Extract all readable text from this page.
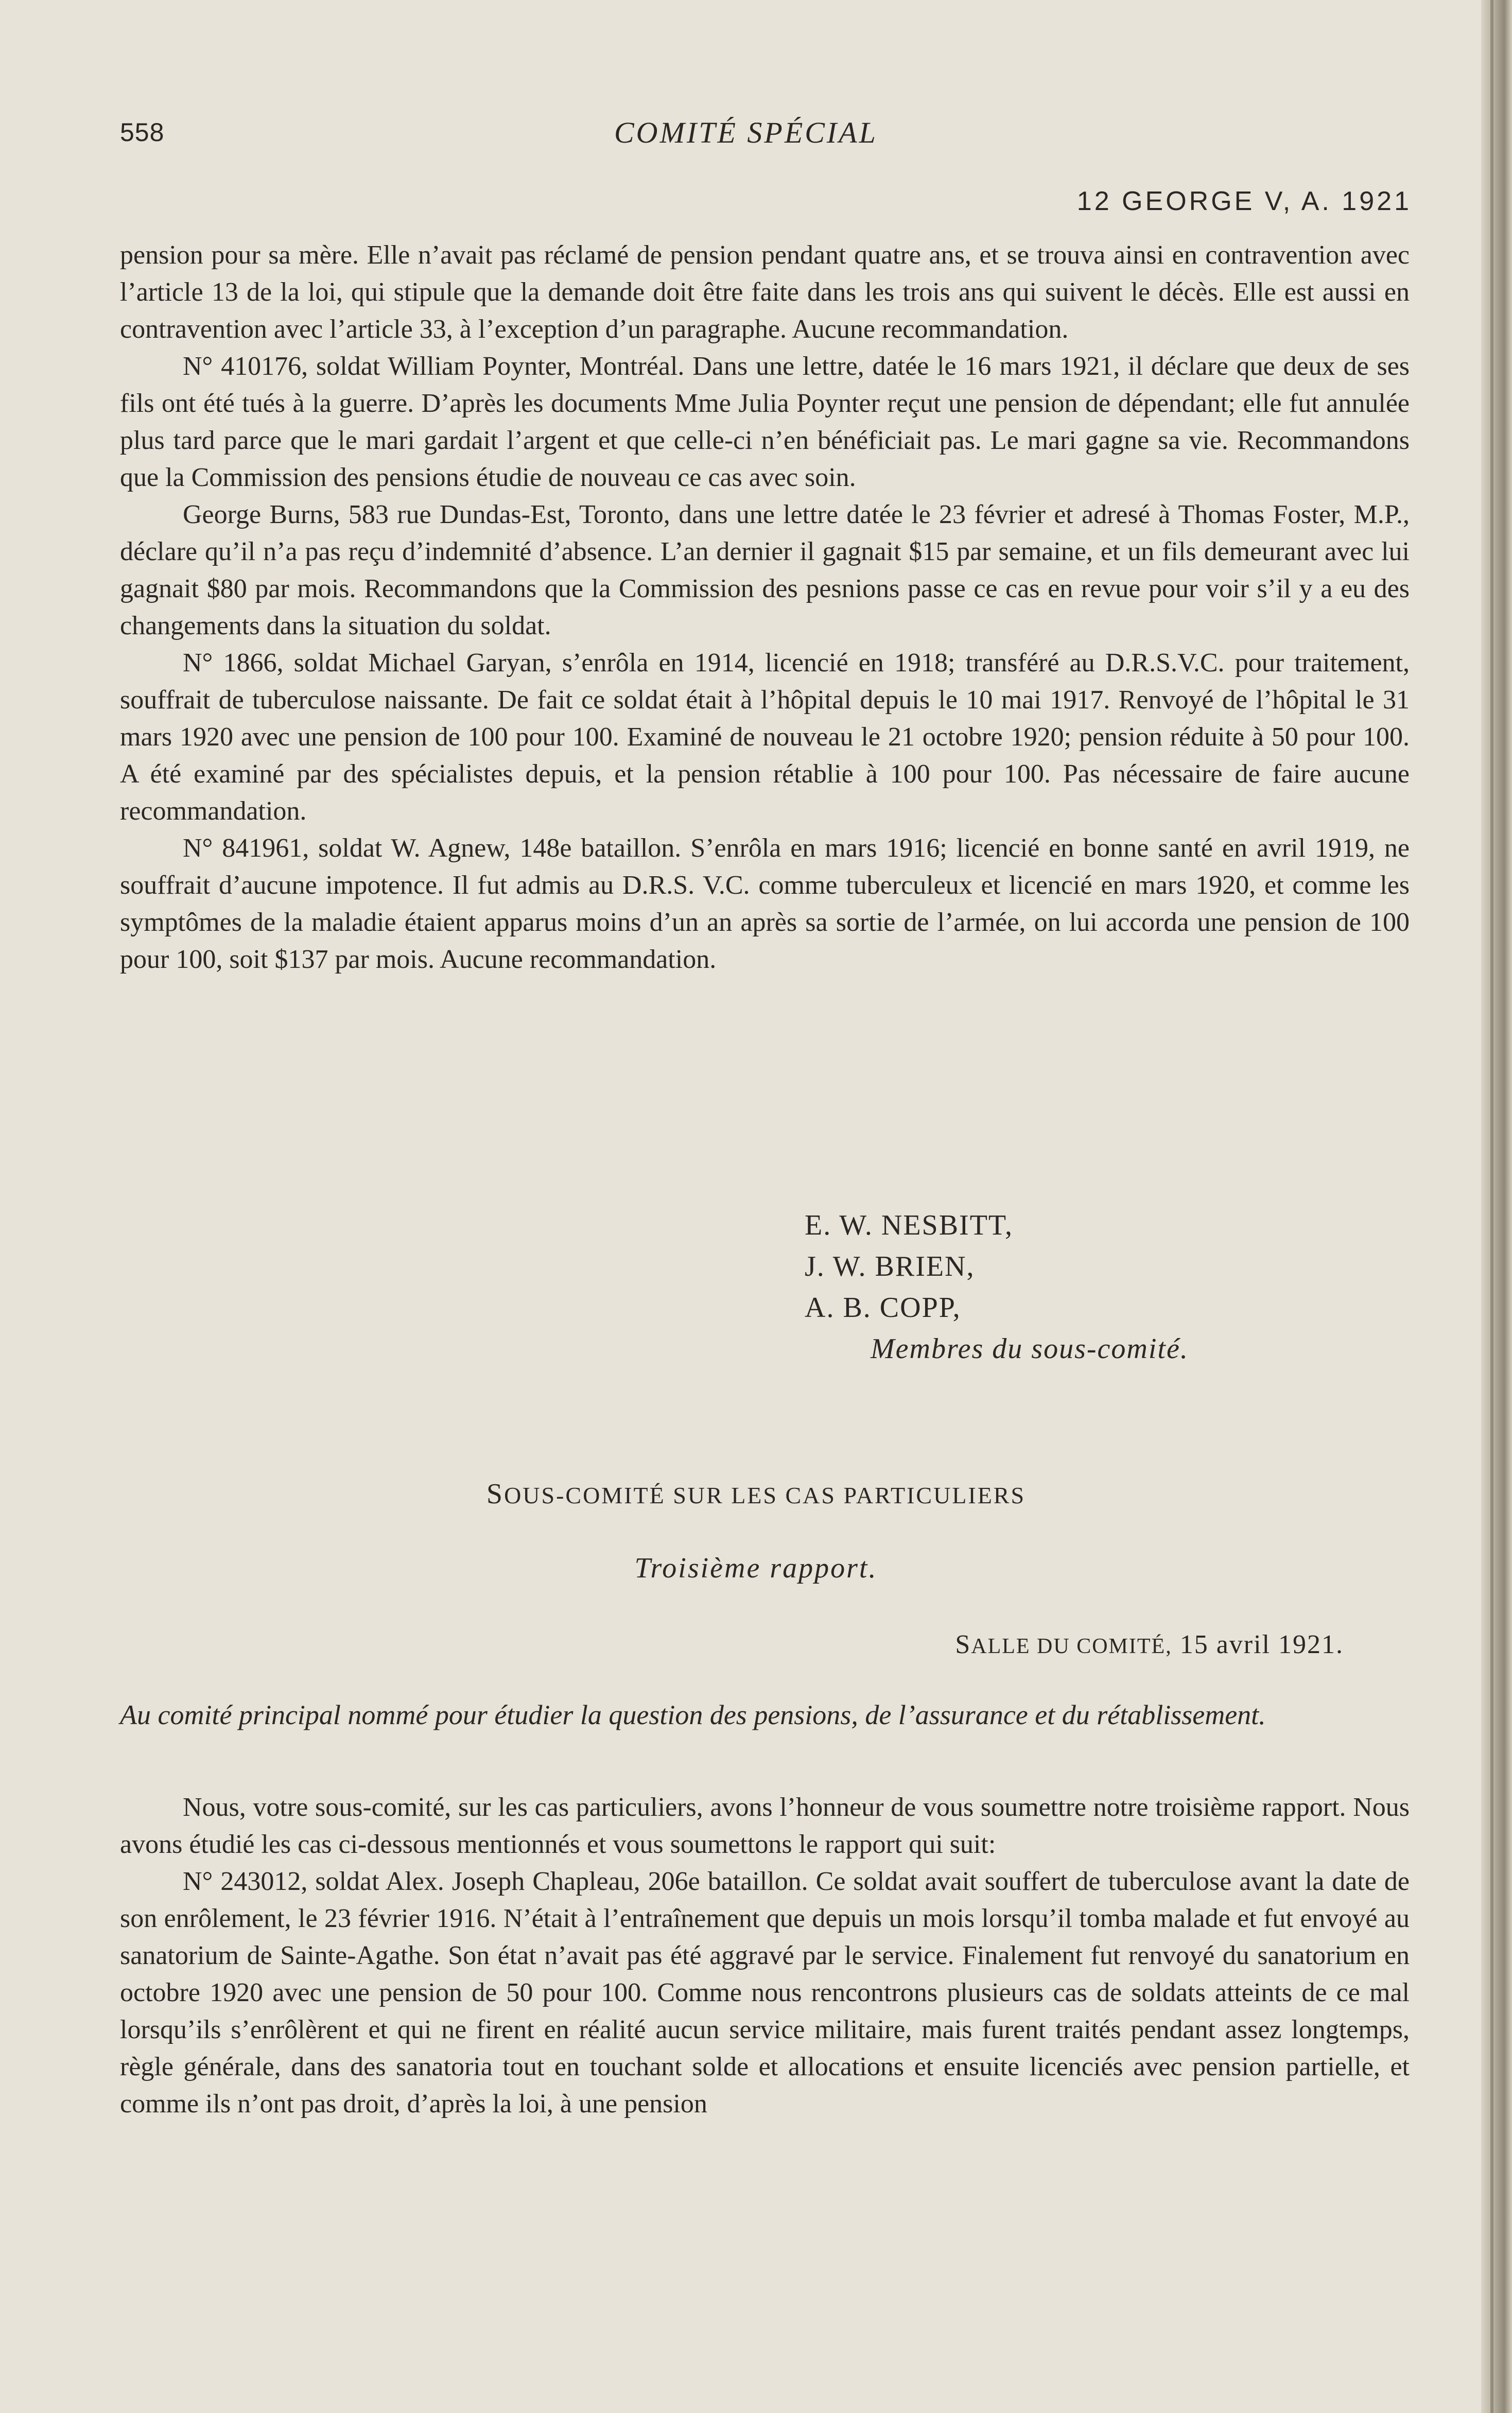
558	COMITÉ SPÉCIAL
12 GEORGE V, A. 1921

pension pour sa mère. Elle n’avait pas réclamé de pension pendant quatre ans, et se trouva ainsi en contravention avec l’article 13 de la loi, qui stipule que la demande doit être faite dans les trois ans qui suivent le décès. Elle est aussi en contravention avec l’article 33, à l’exception d’un paragraphe. Aucune recommandation.

N° 410176, soldat William Poynter, Montréal. Dans une lettre, datée le 16 mars 1921, il déclare que deux de ses fils ont été tués à la guerre. D’après les documents Mme Julia Poynter reçut une pension de dépendant; elle fut annulée plus tard parce que le mari gardait l’argent et que celle-ci n’en bénéficiait pas. Le mari gagne sa vie. Recommandons que la Commission des pensions étudie de nouveau ce cas avec soin.

George Burns, 583 rue Dundas-Est, Toronto, dans une lettre datée le 23 février et adresé à Thomas Foster, M.P., déclare qu’il n’a pas reçu d’indemnité d’absence. L’an dernier il gagnait $15 par semaine, et un fils demeurant avec lui gagnait $80 par mois. Recommandons que la Commission des pesnions passe ce cas en revue pour voir s’il y a eu des changements dans la situation du soldat.

N° 1866, soldat Michael Garyan, s’enrôla en 1914, licencié en 1918; transféré au D.R.S.V.C. pour traitement, souffrait de tuberculose naissante. De fait ce soldat était à l’hôpital depuis le 10 mai 1917. Renvoyé de l’hôpital le 31 mars 1920 avec une pension de 100 pour 100. Examiné de nouveau le 21 octobre 1920; pension réduite à 50 pour 100. A été examiné par des spécialistes depuis, et la pension rétablie à 100 pour 100. Pas nécessaire de faire aucune recommandation.

N° 841961, soldat W. Agnew, 148e bataillon. S’enrôla en mars 1916; licencié en bonne santé en avril 1919, ne souffrait d’aucune impotence. Il fut admis au D.R.S. V.C. comme tuberculeux et licencié en mars 1920, et comme les symptômes de la maladie étaient apparus moins d’un an après sa sortie de l’armée, on lui accorda une pension de 100 pour 100, soit $137 par mois. Aucune recommandation.

E. W. NESBITT,
J. W. BRIEN,
A. B. COPP,
Membres du sous-comité.
SOUS-COMITÉ SUR LES CAS PARTICULIERS
Troisième rapport.
SALLE DU COMITÉ, 15 avril 1921.
Au comité principal nommé pour étudier la question des pensions, de l’assurance et du rétablissement.

Nous, votre sous-comité, sur les cas particuliers, avons l’honneur de vous soumettre notre troisième rapport. Nous avons étudié les cas ci-dessous mentionnés et vous soumettons le rapport qui suit:

N° 243012, soldat Alex. Joseph Chapleau, 206e bataillon. Ce soldat avait souffert de tuberculose avant la date de son enrôlement, le 23 février 1916. N’était à l’entraînement que depuis un mois lorsqu’il tomba malade et fut envoyé au sanatorium de Sainte-Agathe. Son état n’avait pas été aggravé par le service. Finalement fut renvoyé du sanatorium en octobre 1920 avec une pension de 50 pour 100. Comme nous rencontrons plusieurs cas de soldats atteints de ce mal lorsqu’ils s’enrôlèrent et qui ne firent en réalité aucun service militaire, mais furent traités pendant assez longtemps, règle générale, dans des sanatoria tout en touchant solde et allocations et ensuite licenciés avec pension partielle, et comme ils n’ont pas droit, d’après la loi, à une pension
